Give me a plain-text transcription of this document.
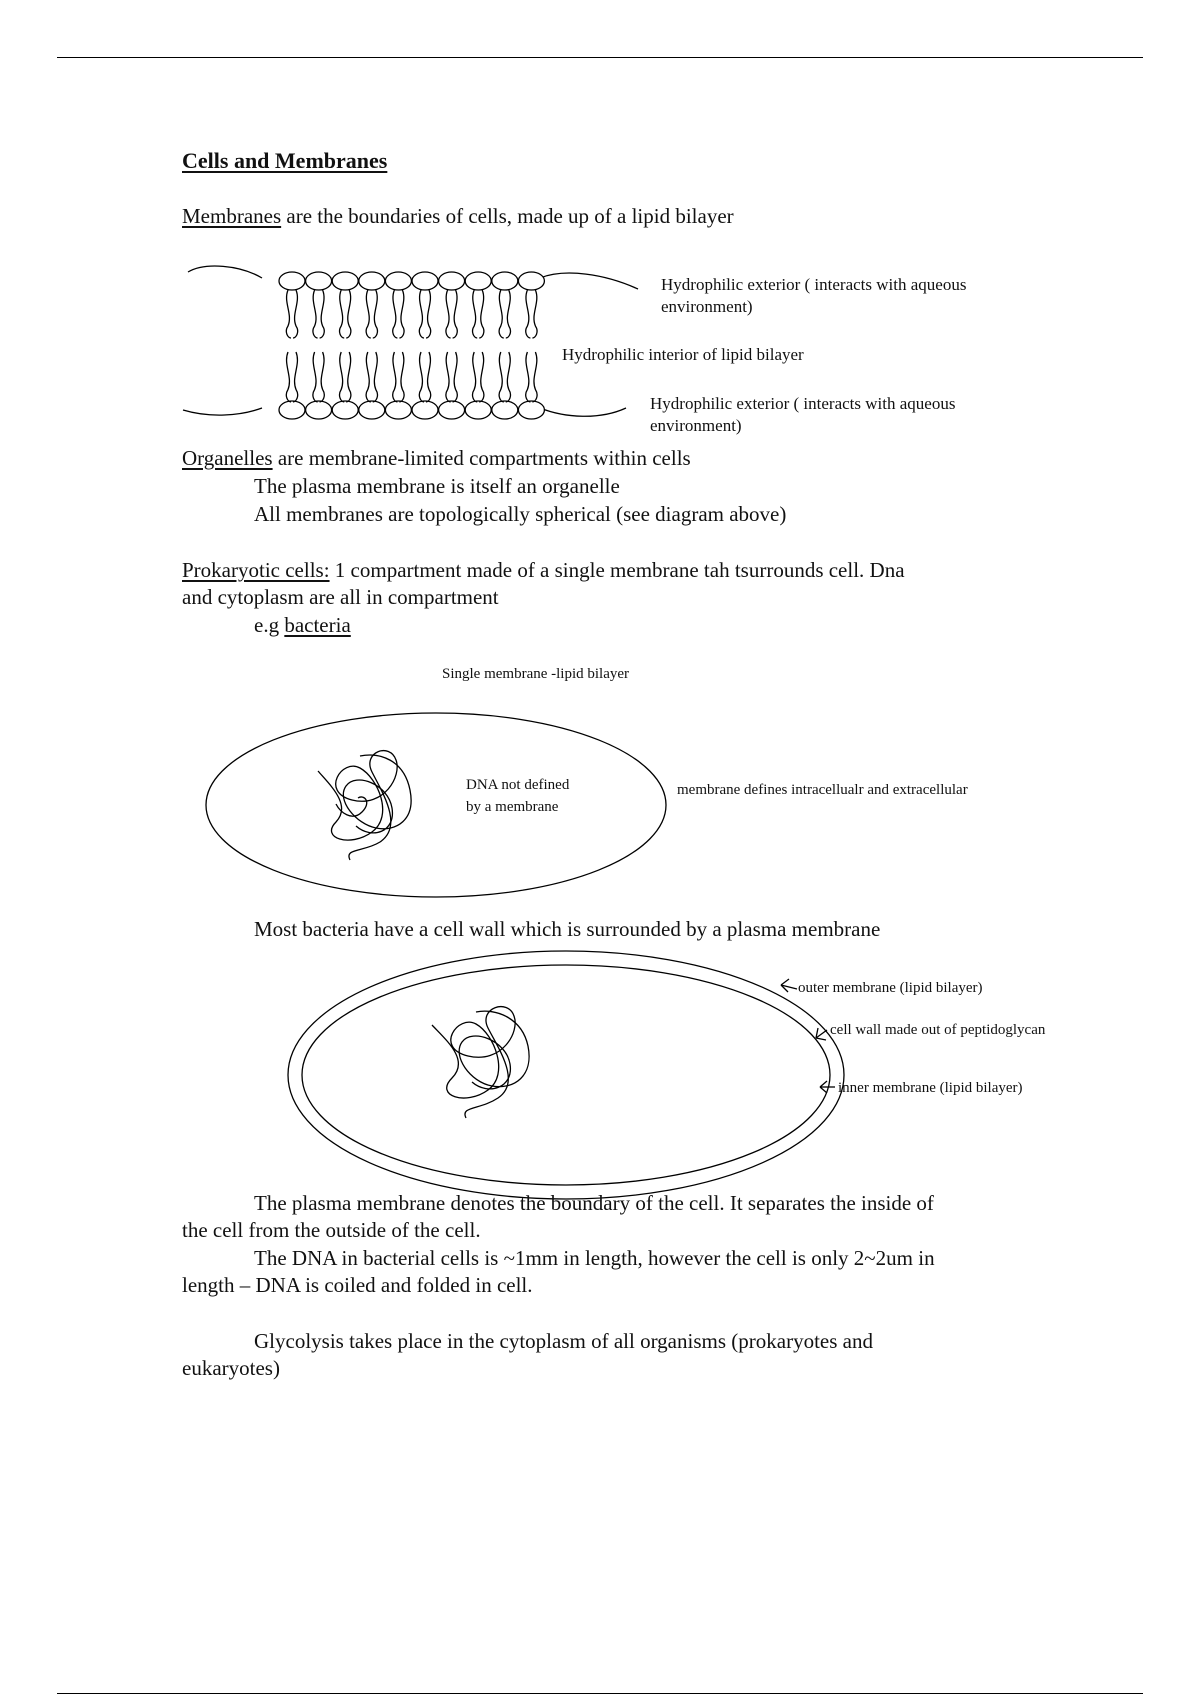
Cells and Membranes
Membranes are the boundaries of cells, made up of a lipid bilayer
Hydrophilic exterior ( interacts with aqueous
environment)
Hydrophilic interior of lipid bilayer
Hydrophilic exterior ( interacts with aqueous
environment)
Organelles are membrane-limited compartments within cells
The plasma membrane is itself an organelle
All membranes are topologically spherical (see diagram above)
Prokaryotic cells: 1 compartment made of a single membrane tah tsurrounds cell. Dna
and cytoplasm are all in compartment
e.g bacteria
Single membrane -lipid bilayer
DNA not defined
by a membrane
membrane defines intracellualr and extracellular
Most bacteria have a cell wall which is surrounded by a plasma membrane
outer membrane (lipid bilayer)
cell wall made out of peptidoglycan
inner membrane (lipid bilayer)
The plasma membrane denotes the boundary of the cell. It separates the inside of
the cell from the outside of the cell.
The DNA in bacterial cells is ~1mm in length, however the cell is only 2~2um in
length – DNA is coiled and folded in cell.
Glycolysis takes place in the cytoplasm of all organisms (prokaryotes and
eukaryotes)
